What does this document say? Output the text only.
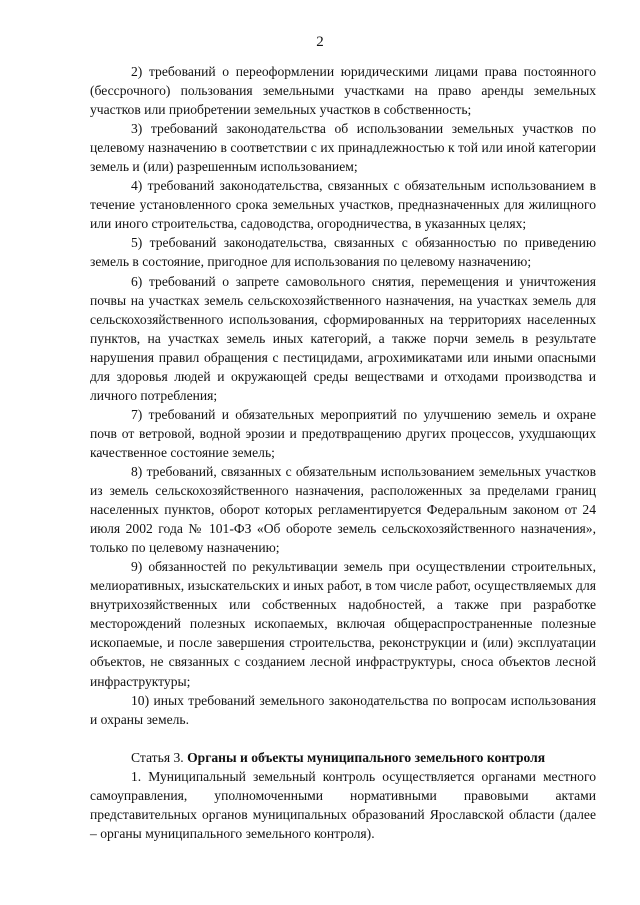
2

2) требований о переоформлении юридическими лицами права постоянного (бессрочного) пользования земельными участками на право аренды земельных участков или приобретении земельных участков в собственность;

3) требований законодательства об использовании земельных участков по целевому назначению в соответствии с их принадлежностью к той или иной категории земель и (или) разрешенным использованием;

4) требований законодательства, связанных с обязательным использованием в течение установленного срока земельных участков, предназначенных для жилищного или иного строительства, садоводства, огородничества, в указанных целях;

5) требований законодательства, связанных с обязанностью по приведению земель в состояние, пригодное для использования по целевому назначению;

6) требований о запрете самовольного снятия, перемещения и уничтожения почвы на участках земель сельскохозяйственного назначения, на участках земель для сельскохозяйственного использования, сформированных на территориях населенных пунктов, на участках земель иных категорий, а также порчи земель в результате нарушения правил обращения с пестицидами, агрохимикатами или иными опасными для здоровья людей и окружающей среды веществами и отходами производства и личного потребления;

7) требований и обязательных мероприятий по улучшению земель и охране почв от ветровой, водной эрозии и предотвращению других процессов, ухудшающих качественное состояние земель;

8) требований, связанных с обязательным использованием земельных участков из земель сельскохозяйственного назначения, расположенных за пределами границ населенных пунктов, оборот которых регламентируется Федеральным законом от 24 июля 2002 года № 101-ФЗ «Об обороте земель сельскохозяйственного назначения», только по целевому назначению;

9) обязанностей по рекультивации земель при осуществлении строительных, мелиоративных, изыскательских и иных работ, в том числе работ, осуществляемых для внутрихозяйственных или собственных надобностей, а также при разработке месторождений полезных ископаемых, включая общераспространенные полезные ископаемые, и после завершения строительства, реконструкции и (или) эксплуатации объектов, не связанных с созданием лесной инфраструктуры, сноса объектов лесной инфраструктуры;

10) иных требований земельного законодательства по вопросам использования и охраны земель.

Статья 3. Органы и объекты муниципального земельного контроля

1. Муниципальный земельный контроль осуществляется органами местного самоуправления, уполномоченными нормативными правовыми актами представительных органов муниципальных образований Ярославской области (далее – органы муниципального земельного контроля).
